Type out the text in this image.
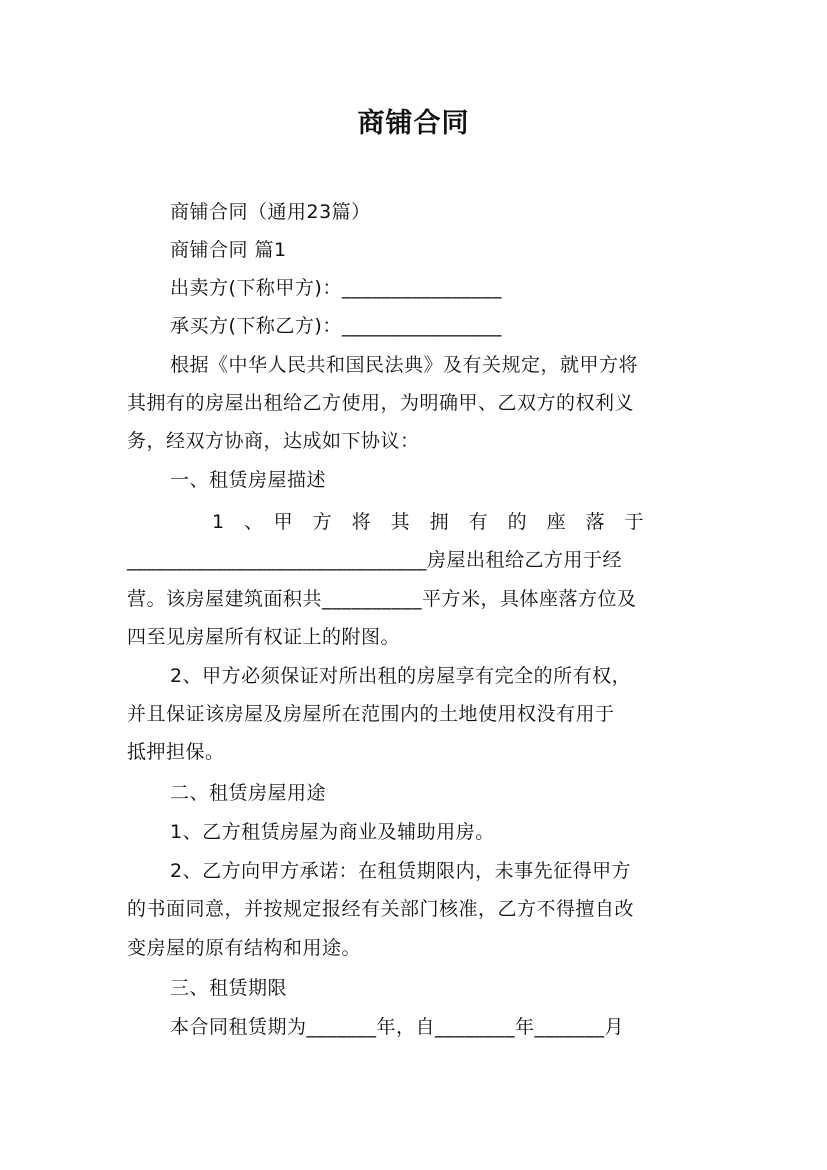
商铺合同
商铺合同（通用23篇）
商铺合同 篇1
出卖方(下称甲方)：________________
承买方(下称乙方)：________________
根据《中华人民共和国民法典》及有关规定，就甲方将
其拥有的房屋出租给乙方使用，为明确甲、乙双方的权利义
务，经双方协商，达成如下协议：
一、租赁房屋描述
1　、　甲　方　将　其　拥　有　的　座　落　于
______________________________房屋出租给乙方用于经
营。该房屋建筑面积共__________平方米，具体座落方位及
四至见房屋所有权证上的附图。
2、甲方必须保证对所出租的房屋享有完全的所有权，
并且保证该房屋及房屋所在范围内的土地使用权没有用于
抵押担保。
二、租赁房屋用途
1、乙方租赁房屋为商业及辅助用房。
2、乙方向甲方承诺：在租赁期限内，未事先征得甲方
的书面同意，并按规定报经有关部门核准，乙方不得擅自改
变房屋的原有结构和用途。
三、租赁期限
本合同租赁期为_______年，自________年_______月
